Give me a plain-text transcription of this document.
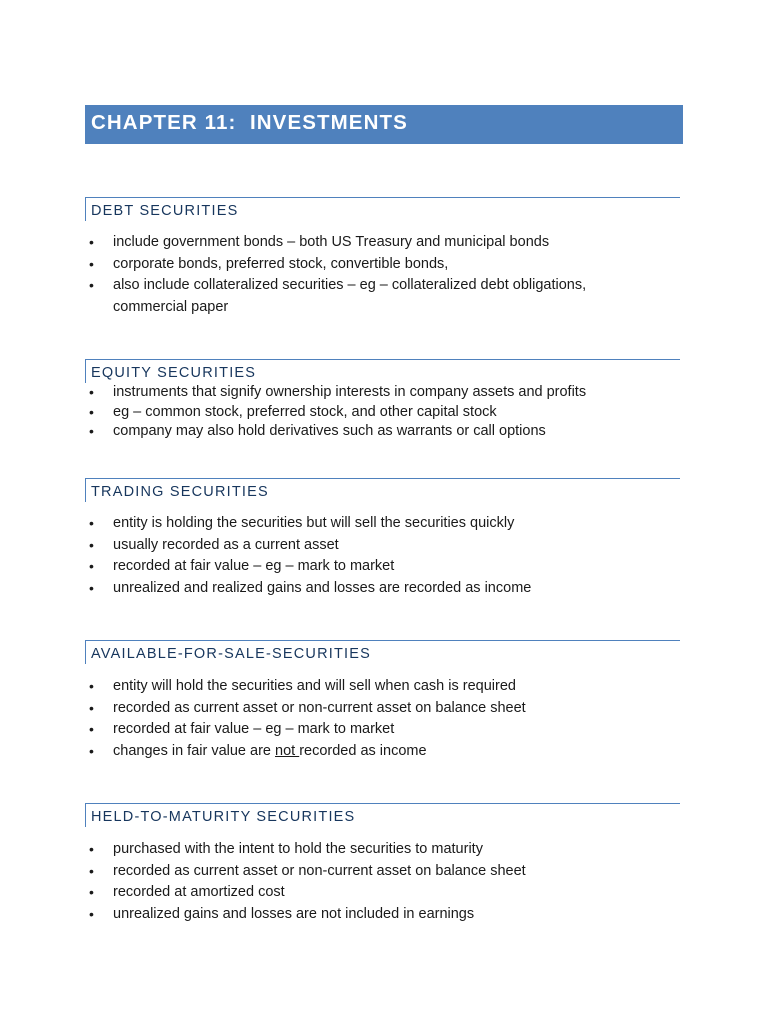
CHAPTER 11:  INVESTMENTS
DEBT SECURITIES
• include government bonds – both US Treasury and municipal bonds
• corporate bonds, preferred stock, convertible bonds,
• also include collateralized securities – eg – collateralized debt obligations, commercial paper
EQUITY SECURITIES
• instruments that signify ownership interests in company assets and profits
• eg – common stock, preferred stock, and other capital stock
• company may also hold derivatives such as warrants or call options
TRADING SECURITIES
• entity is holding the securities but will sell the securities quickly
• usually recorded as a current asset
• recorded at fair value – eg – mark to market
• unrealized and realized gains and losses are recorded as income
AVAILABLE-FOR-SALE-SECURITIES
• entity will hold the securities and will sell when cash is required
• recorded as current asset or non-current asset on balance sheet
• recorded at fair value – eg – mark to market
• changes in fair value are not recorded as income
HELD-TO-MATURITY SECURITIES
• purchased with the intent to hold the securities to maturity
• recorded as current asset or non-current asset on balance sheet
• recorded at amortized cost
• unrealized gains and losses are not included in earnings
